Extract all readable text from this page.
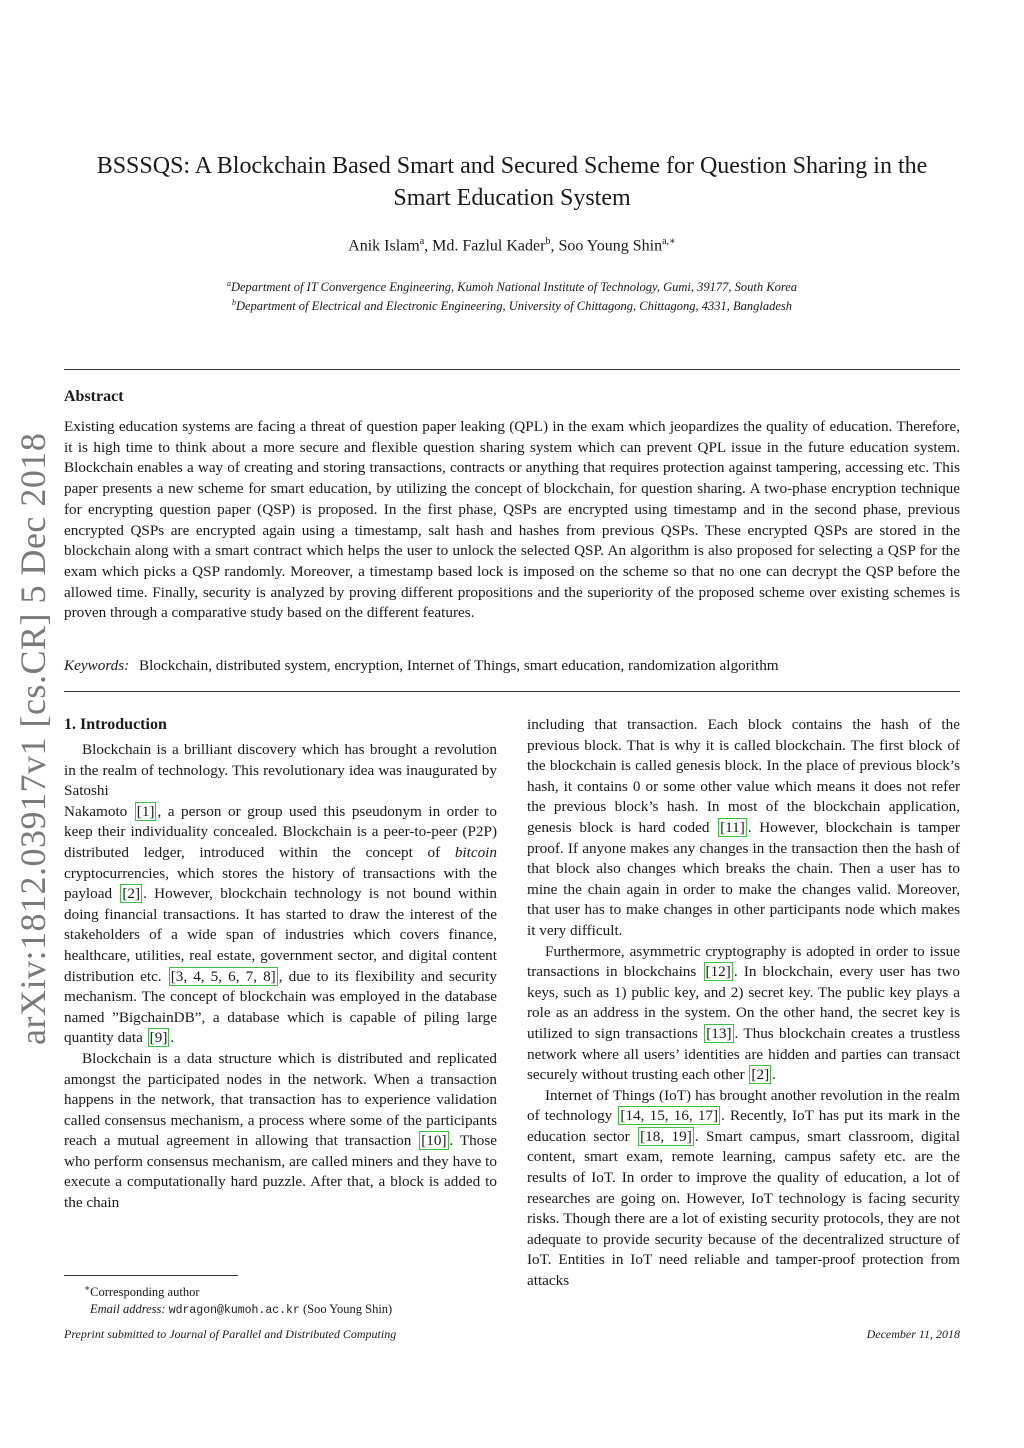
arXiv:1812.03917v1 [cs.CR] 5 Dec 2018
BSSSQS: A Blockchain Based Smart and Secured Scheme for Question Sharing in the
Smart Education System
Anik Islam$^a$, Md. Fazlul Kader$^b$, Soo Young Shin$^{a,∗}$
$^a$Department of IT Convergence Engineering, Kumoh National Institute of Technology, Gumi, 39177, South Korea
$^b$Department of Electrical and Electronic Engineering, University of Chittagong, Chittagong, 4331, Bangladesh
Abstract
Existing education systems are facing a threat of question paper leaking (QPL) in the exam which jeopardizes the quality of education. Therefore, it is high time to think about a more secure and flexible question sharing system which can prevent QPL issue in the future education system. Blockchain enables a way of creating and storing transactions, contracts or anything that requires protection against tampering, accessing etc. This paper presents a new scheme for smart education, by utilizing the concept of blockchain, for question sharing. A two-phase encryption technique for encrypting question paper (QSP) is proposed. In the first phase, QSPs are encrypted using timestamp and in the second phase, previous encrypted QSPs are encrypted again using a timestamp, salt hash and hashes from previous QSPs. These encrypted QSPs are stored in the blockchain along with a smart contract which helps the user to unlock the selected QSP. An algorithm is also proposed for selecting a QSP for the exam which picks a QSP randomly. Moreover, a timestamp based lock is imposed on the scheme so that no one can decrypt the QSP before the allowed time. Finally, security is analyzed by proving different propositions and the superiority of the proposed scheme over existing schemes is proven through a comparative study based on the different features.
Keywords: Blockchain, distributed system, encryption, Internet of Things, smart education, randomization algorithm
1. Introduction

Blockchain is a brilliant discovery which has brought a revolution in the realm of technology. This revolutionary idea was inaugurated by Satoshi

Nakamoto [1] , a person or group used this pseudonym in order to keep their individuality concealed. Blockchain is a peer-to-peer (P2P) distributed ledger, introduced within the concept of bitcoin cryptocurrencies, which stores the history of transactions with the payload [2] . However, blockchain technology is not bound within doing financial transactions. It has started to draw the interest of the stakeholders of a wide span of industries which covers finance, healthcare, utilities, real estate, government sector, and digital content distribution etc. [3, 4, 5, 6, 7, 8] , due to its flexibility and security mechanism. The concept of blockchain was employed in the database named ”BigchainDB”, a database which is capable of piling large quantity data [9] .

Blockchain is a data structure which is distributed and replicated amongst the participated nodes in the network. When a transaction happens in the network, that transaction has to experience validation called consensus mechanism, a process where some of the participants reach a mutual agreement in allowing that transaction [10] . Those who perform consensus mechanism, are called miners and they have to execute a computationally hard puzzle. After that, a block is added to the chain

including that transaction. Each block contains the hash of the previous block. That is why it is called blockchain. The first block of the blockchain is called genesis block. In the place of previous block’s hash, it contains 0 or some other value which means it does not refer the previous block’s hash. In most of the blockchain application, genesis block is hard coded [11] . However, blockchain is tamper proof. If anyone makes any changes in the transaction then the hash of that block also changes which breaks the chain. Then a user has to mine the chain again in order to make the changes valid. Moreover, that user has to make changes in other participants node which makes it very difficult.

Furthermore, asymmetric cryptography is adopted in order to issue transactions in blockchains [12] . In blockchain, every user has two keys, such as 1) public key, and 2) secret key. The public key plays a role as an address in the system. On the other hand, the secret key is utilized to sign transactions [13] . Thus blockchain creates a trustless network where all users’ identities are hidden and parties can transact securely without trusting each other [2] .

Internet of Things (IoT) has brought another revolution in the realm of technology [14, 15, 16, 17] . Recently, IoT has put its mark in the education sector [18, 19] . Smart campus, smart classroom, digital content, smart exam, remote learning, campus safety etc. are the results of IoT. In order to improve the quality of education, a lot of researches are going on. However, IoT technology is facing security risks. Though there are a lot of existing security protocols, they are not adequate to provide security because of the decentralized structure of IoT. Entities in IoT need reliable and tamper-proof protection from attacks

∗Corresponding author
Email address: wdragon@kumoh.ac.kr (Soo Young Shin)
Preprint submitted to Journal of Parallel and Distributed Computing	December 11, 2018
